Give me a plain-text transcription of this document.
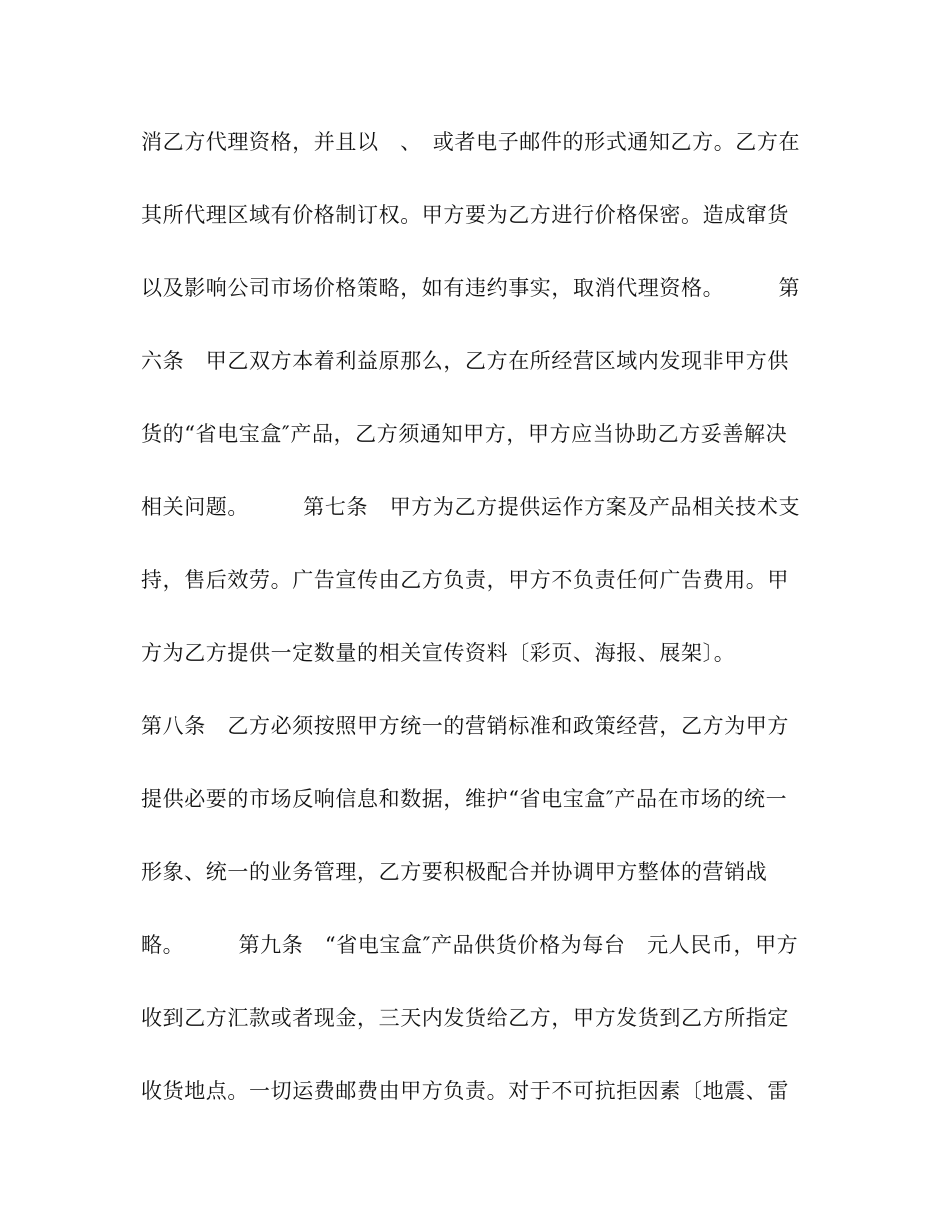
消乙方代理资格，并且以　、　或者电子邮件的形式通知乙方。乙方在
其所代理区域有价格制订权。甲方要为乙方进行价格保密。造成窜货
以及影响公司市场价格策略，如有违约事实，取消代理资格。　　　第
六条　甲乙双方本着利益原那么，乙方在所经营区域内发现非甲方供
货的“省电宝盒″产品，乙方须通知甲方，甲方应当协助乙方妥善解决
相关问题。　　　第七条　甲方为乙方提供运作方案及产品相关技术支
持，售后效劳。广告宣传由乙方负责，甲方不负责任何广告费用。甲
方为乙方提供一定数量的相关宣传资料〔彩页、海报、展架〕。
第八条　乙方必须按照甲方统一的营销标准和政策经营，乙方为甲方
提供必要的市场反响信息和数据，维护“省电宝盒″产品在市场的统一
形象、统一的业务管理，乙方要积极配合并协调甲方整体的营销战
略。　　　第九条　“省电宝盒″产品供货价格为每台　元人民币，甲方
收到乙方汇款或者现金，三天内发货给乙方，甲方发货到乙方所指定
收货地点。一切运费邮费由甲方负责。对于不可抗拒因素〔地震、雷
